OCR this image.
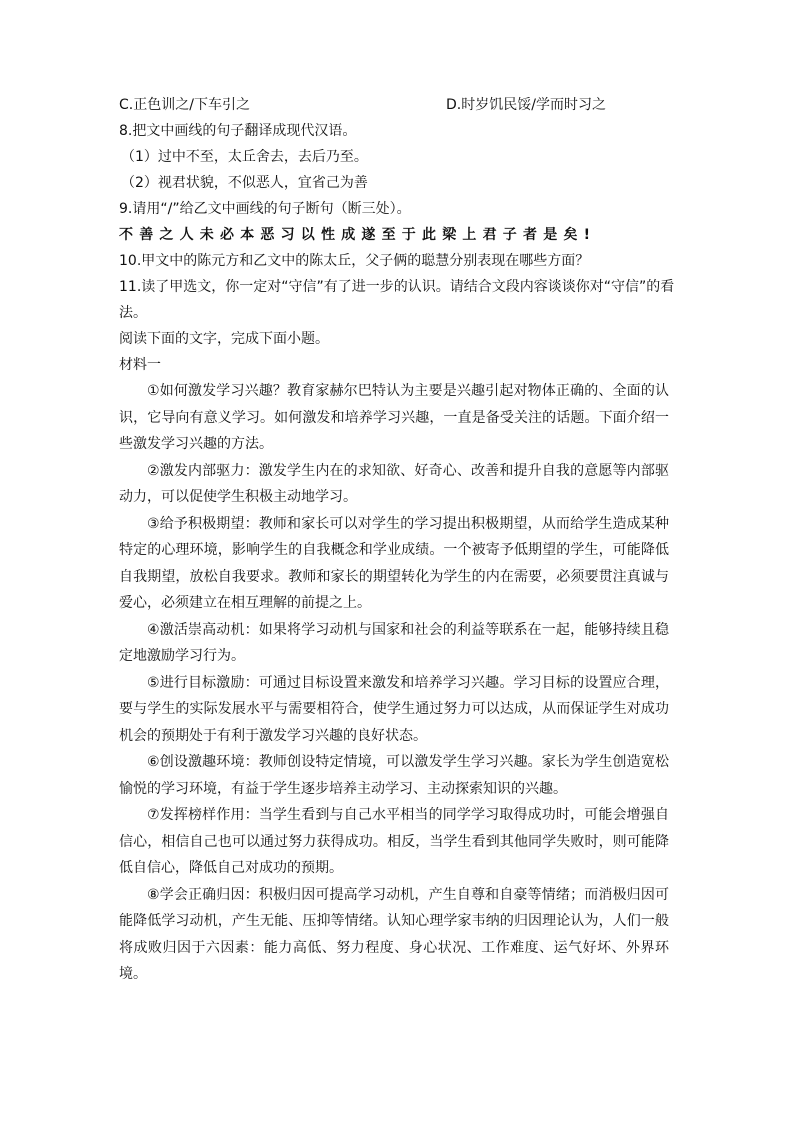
C.正色训之/下车引之	D.时岁饥民馁/学而时习之
8.把文中画线的句子翻译成现代汉语。
（1）过中不至，太丘舍去，去后乃至。
（2）视君状貌，不似恶人，宜省己为善
9.请用“/”给乙文中画线的句子断句（断三处）。
不善之人未必本恶习以性成遂至于此梁上君子者是矣!
10.甲文中的陈元方和乙文中的陈太丘，父子俩的聪慧分别表现在哪些方面？
11.读了甲选文，你一定对“守信”有了进一步的认识。请结合文段内容谈谈你对“守信”的看法。
阅读下面的文字，完成下面小题。
材料一

①如何激发学习兴趣？教育家赫尔巴特认为主要是兴趣引起对物体正确的、全面的认识，它导向有意义学习。如何激发和培养学习兴趣，一直是备受关注的话题。下面介绍一些激发学习兴趣的方法。

②激发内部驱力：激发学生内在的求知欲、好奇心、改善和提升自我的意愿等内部驱动力，可以促使学生积极主动地学习。

③给予积极期望：教师和家长可以对学生的学习提出积极期望，从而给学生造成某种特定的心理环境，影响学生的自我概念和学业成绩。一个被寄予低期望的学生，可能降低自我期望，放松自我要求。教师和家长的期望转化为学生的内在需要，必须要贯注真诚与爱心，必须建立在相互理解的前提之上。

④激活崇高动机：如果将学习动机与国家和社会的利益等联系在一起，能够持续且稳定地激励学习行为。

⑤进行目标激励：可通过目标设置来激发和培养学习兴趣。学习目标的设置应合理，要与学生的实际发展水平与需要相符合，使学生通过努力可以达成，从而保证学生对成功机会的预期处于有利于激发学习兴趣的良好状态。

⑥创设激趣环境：教师创设特定情境，可以激发学生学习兴趣。家长为学生创造宽松愉悦的学习环境，有益于学生逐步培养主动学习、主动探索知识的兴趣。

⑦发挥榜样作用：当学生看到与自己水平相当的同学学习取得成功时，可能会增强自信心，相信自己也可以通过努力获得成功。相反，当学生看到其他同学失败时，则可能降低自信心，降低自己对成功的预期。

⑧学会正确归因：积极归因可提高学习动机，产生自尊和自豪等情绪；而消极归因可能降低学习动机，产生无能、压抑等情绪。认知心理学家韦纳的归因理论认为，人们一般将成败归因于六因素：能力高低、努力程度、身心状况、工作难度、运气好坏、外界环境。
